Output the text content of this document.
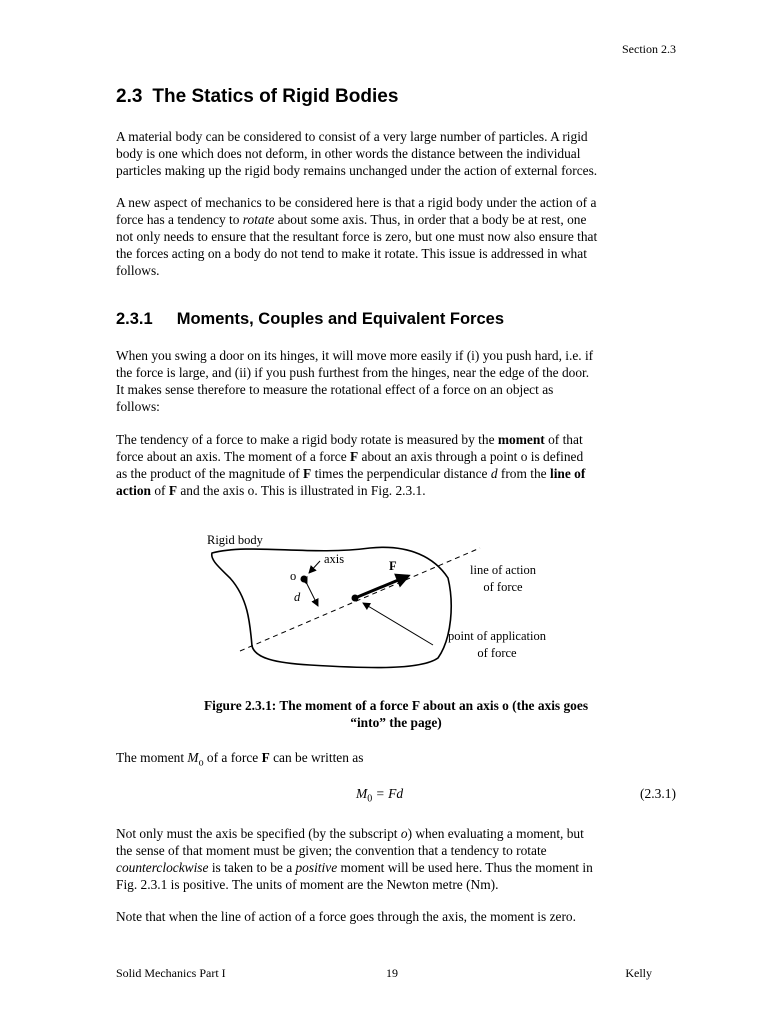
Section 2.3
2.3 The Statics of Rigid Bodies
A material body can be considered to consist of a very large number of particles. A rigid
body is one which does not deform, in other words the distance between the individual
particles making up the rigid body remains unchanged under the action of external forces.
A new aspect of mechanics to be considered here is that a rigid body under the action of a
force has a tendency to rotate about some axis. Thus, in order that a body be at rest, one
not only needs to ensure that the resultant force is zero, but one must now also ensure that
the forces acting on a body do not tend to make it rotate. This issue is addressed in what
follows.
2.3.1 Moments, Couples and Equivalent Forces
When you swing a door on its hinges, it will move more easily if (i) you push hard, i.e. if
the force is large, and (ii) if you push furthest from the hinges, near the edge of the door.
It makes sense therefore to measure the rotational effect of a force on an object as
follows:
The tendency of a force to make a rigid body rotate is measured by the moment of that
force about an axis. The moment of a force F about an axis through a point o is defined
as the product of the magnitude of F times the perpendicular distance d from the line of
action of F and the axis o. This is illustrated in Fig. 2.3.1.
Rigid body
axis
o
d
F	line of action
of force
point of application
of force
Figure 2.3.1: The moment of a force F about an axis o (the axis goes
“into” the page)
The moment $M_o$ of a force F can be written as
$M_0 = Fd$	(2.3.1)
Not only must the axis be specified (by the subscript o) when evaluating a moment, but
the sense of that moment must be given; the convention that a tendency to rotate
counterclockwise is taken to be a positive moment will be used here. Thus the moment in
Fig. 2.3.1 is positive. The units of moment are the Newton metre (Nm).
Note that when the line of action of a force goes through the axis, the moment is zero.
Solid Mechanics Part I	19	Kelly
